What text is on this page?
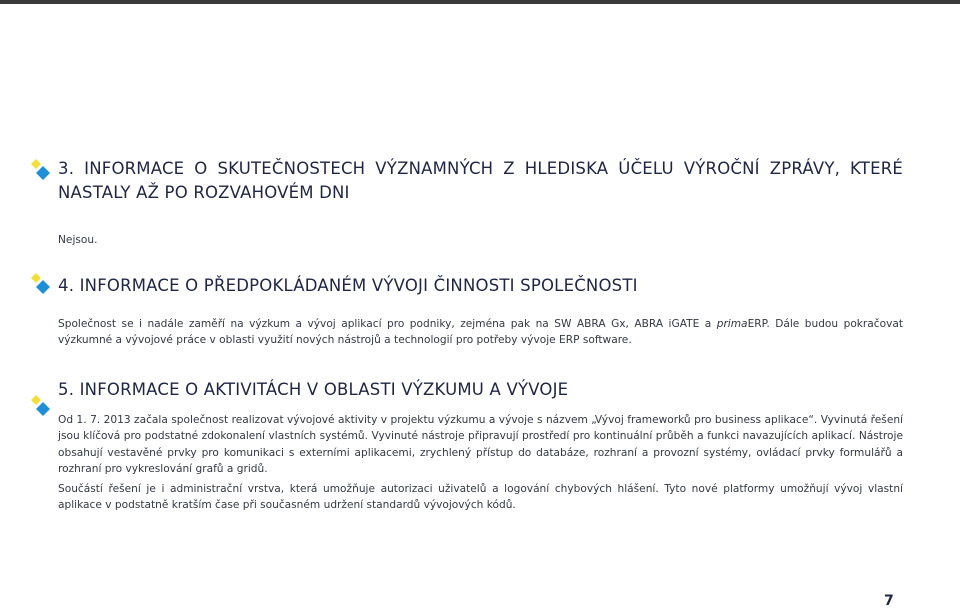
3. INFORMACE O SKUTEČNOSTECH VÝZNAMNÝCH Z HLEDISKA ÚČELU VÝROČNÍ ZPRÁVY, KTERÉ NASTALY AŽ PO ROZVAHOVÉM DNI

Nejsou.

4. INFORMACE O PŘEDPOKLÁDANÉM VÝVOJI ČINNOSTI SPOLEČNOSTI

Společnost se i nadále zaměří na výzkum a vývoj aplikací pro podniky, zejména pak na SW ABRA Gx, ABRA iGATE a primaERP. Dále budou pokračovat výzkumné a vývojové práce v oblasti využití nových nástrojů a technologií pro potřeby vývoje ERP software.

5. INFORMACE O AKTIVITÁCH V OBLASTI VÝZKUMU A VÝVOJE

Od 1. 7. 2013 začala společnost realizovat vývojové aktivity v projektu výzkumu a vývoje s názvem „Vývoj frameworků pro business aplikace“. Vyvinutá řešení jsou klíčová pro podstatné zdokonalení vlastních systémů. Vyvinuté nástroje připravují prostředí pro kontinuální průběh a funkci navazujících aplikací. Nástroje obsahují vestavěné prvky pro komunikaci s externími aplikacemi, zrychlený přístup do databáze, rozhraní a provozní systémy, ovládací prvky formulářů a rozhraní pro vykreslování grafů a gridů.

Součástí řešení je i administrační vrstva, která umožňuje autorizaci uživatelů a logování chybových hlášení. Tyto nové platformy umožňují vývoj vlastní aplikace v podstatně kratším čase při současném udržení standardů vývojových kódů.

7
